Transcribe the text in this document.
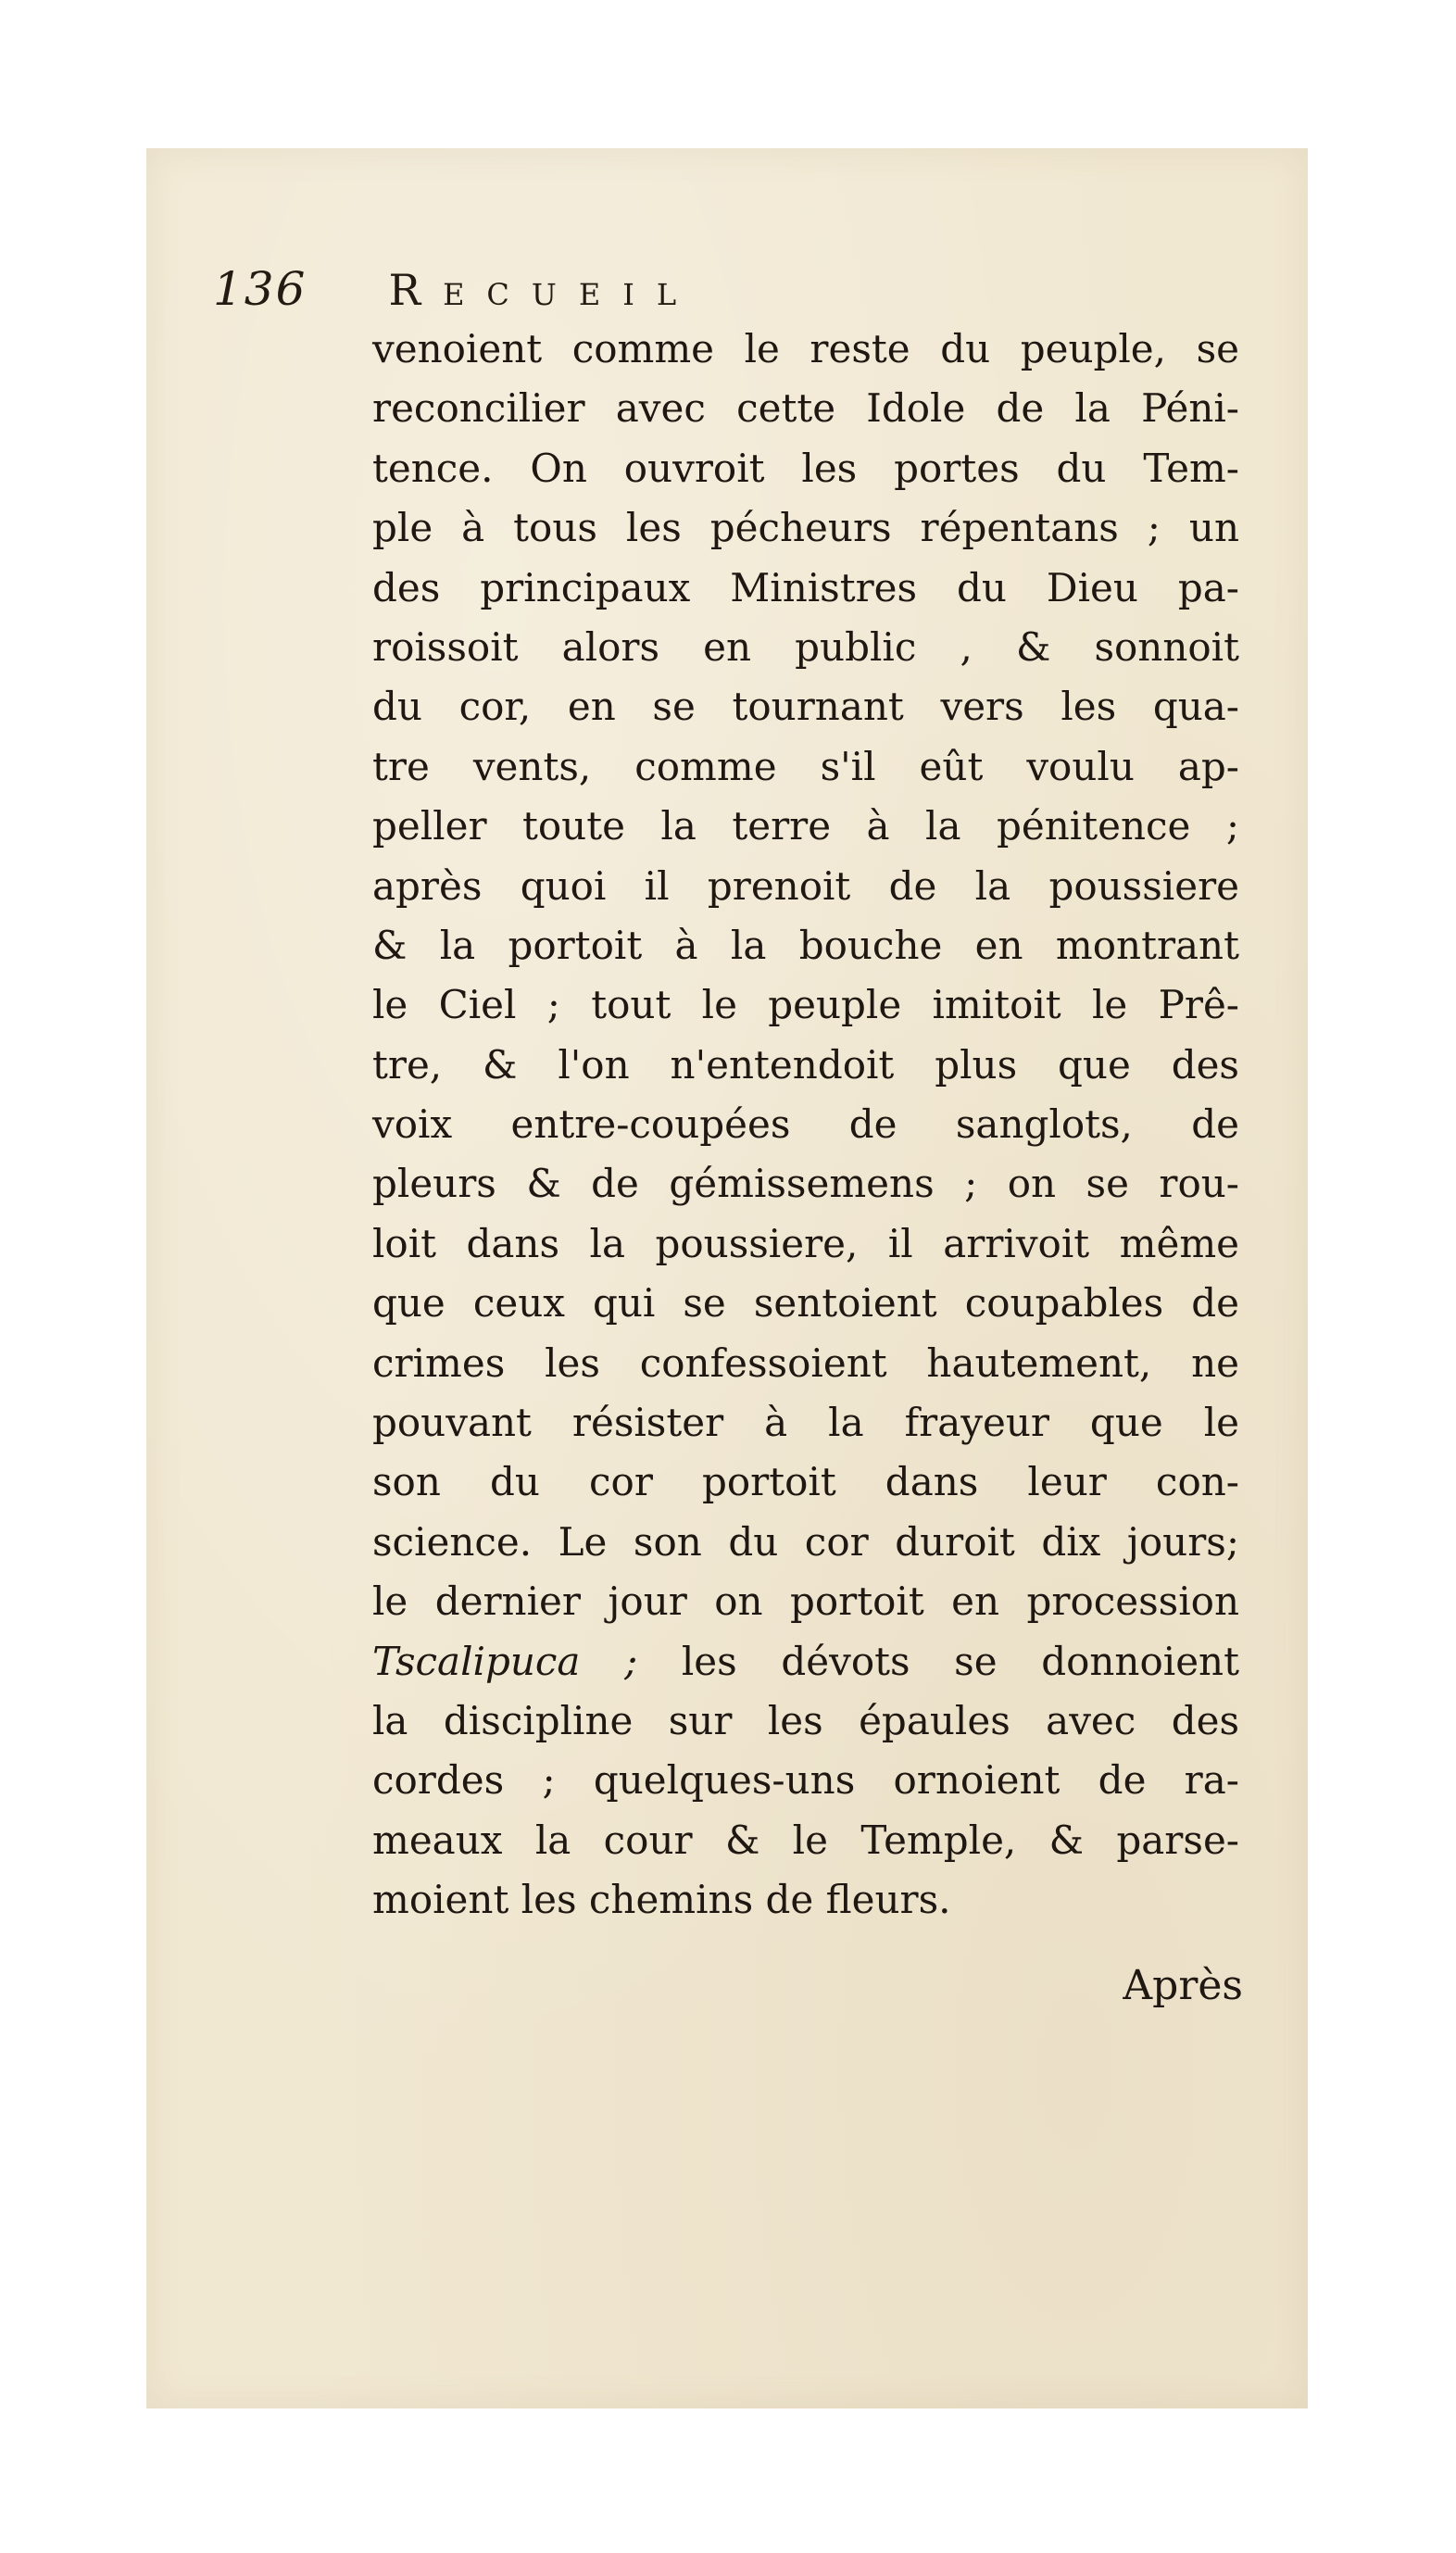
136 Recueil
venoient comme le reste du peuple, se
reconcilier avec cette Idole de la Péni-
tence. On ouvroit les portes du Tem-
ple à tous les pécheurs répentans ; un
des principaux Ministres du Dieu pa-
roissoit alors en public , & sonnoit
du cor, en se tournant vers les qua-
tre vents, comme s'il eût voulu ap-
peller toute la terre à la pénitence ;
après quoi il prenoit de la poussiere
& la portoit à la bouche en montrant
le Ciel ; tout le peuple imitoit le Prê-
tre, & l'on n'entendoit plus que des
voix entre-coupées de sanglots, de
pleurs & de gémissemens ; on se rou-
loit dans la poussiere, il arrivoit même
que ceux qui se sentoient coupables de
crimes les confessoient hautement, ne
pouvant résister à la frayeur que le
son du cor portoit dans leur con-
science. Le son du cor duroit dix jours;
le dernier jour on portoit en procession
Tscalipuca ; les dévots se donnoient
la discipline sur les épaules avec des
cordes ; quelques-uns ornoient de ra-
meaux la cour & le Temple, & parse-
moient les chemins de fleurs.
Après
